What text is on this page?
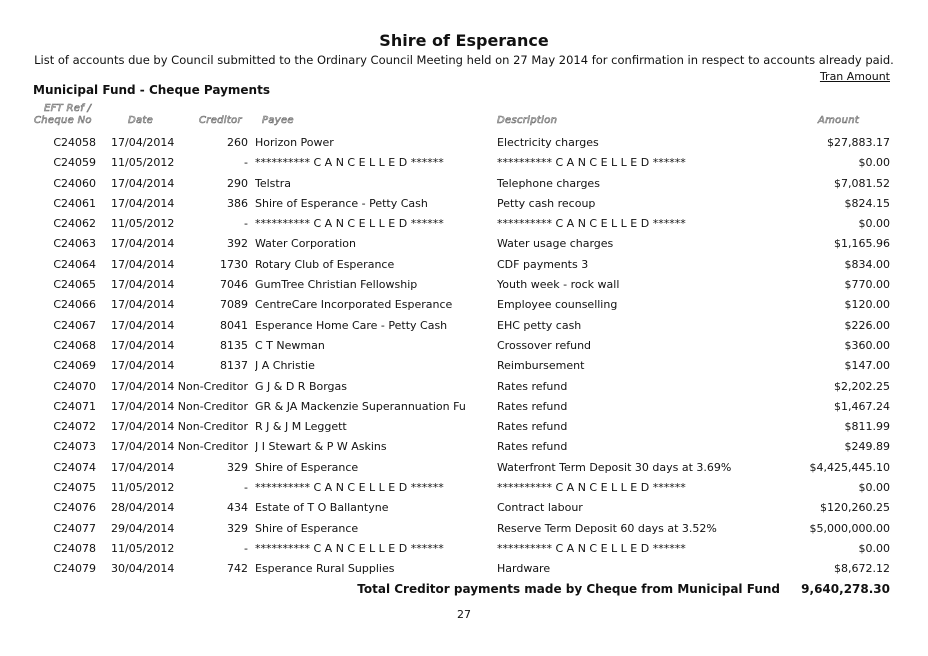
Shire of Esperance
List of accounts due by Council submitted to the Ordinary Council Meeting held on 27 May 2014 for confirmation in respect to accounts already paid.
Tran Amount
Municipal Fund - Cheque Payments
EFT Ref /
Cheque No	Date	Creditor Payee	Description	Amount
C24058 17/04/2014	260 Horizon Power	Electricity charges	$27,883.17
C24059 11/05/2012	- ********** C A N C E L L E D ******	********** C A N C E L L E D ******	$0.00
C24060 17/04/2014	290 Telstra	Telephone charges	$7,081.52
C24061 17/04/2014	386 Shire of Esperance - Petty Cash	Petty cash recoup	$824.15
C24062 11/05/2012	- ********** C A N C E L L E D ******	********** C A N C E L L E D ******	$0.00
C24063 17/04/2014	392 Water Corporation	Water usage charges	$1,165.96
C24064 17/04/2014	1730 Rotary Club of Esperance	CDF payments 3	$834.00
C24065 17/04/2014	7046 GumTree Christian Fellowship	Youth week - rock wall	$770.00
C24066 17/04/2014	7089 CentreCare Incorporated Esperance	Employee counselling	$120.00
C24067 17/04/2014	8041 Esperance Home Care - Petty Cash	EHC petty cash	$226.00
C24068 17/04/2014	8135 C T Newman	Crossover refund	$360.00
C24069 17/04/2014	8137 J A Christie	Reimbursement	$147.00
C24070 17/04/2014 Non-Creditor G J & D R Borgas	Rates refund	$2,202.25
C24071 17/04/2014 Non-Creditor GR & JA Mackenzie Superannuation Fu	Rates refund	$1,467.24
C24072 17/04/2014 Non-Creditor R J & J M Leggett	Rates refund	$811.99
C24073 17/04/2014 Non-Creditor J I Stewart & P W Askins	Rates refund	$249.89
C24074 17/04/2014	329 Shire of Esperance	Waterfront Term Deposit 30 days at 3.69%	$4,425,445.10
C24075 11/05/2012	- ********** C A N C E L L E D ******	********** C A N C E L L E D ******	$0.00
C24076 28/04/2014	434 Estate of T O Ballantyne	Contract labour	$120,260.25
C24077 29/04/2014	329 Shire of Esperance	Reserve Term Deposit 60 days at 3.52%	$5,000,000.00
C24078 11/05/2012	- ********** C A N C E L L E D ******	********** C A N C E L L E D ******	$0.00
C24079 30/04/2014	742 Esperance Rural Supplies	Hardware	$8,672.12
Total Creditor payments made by Cheque from Municipal Fund 9,640,278.30
27
